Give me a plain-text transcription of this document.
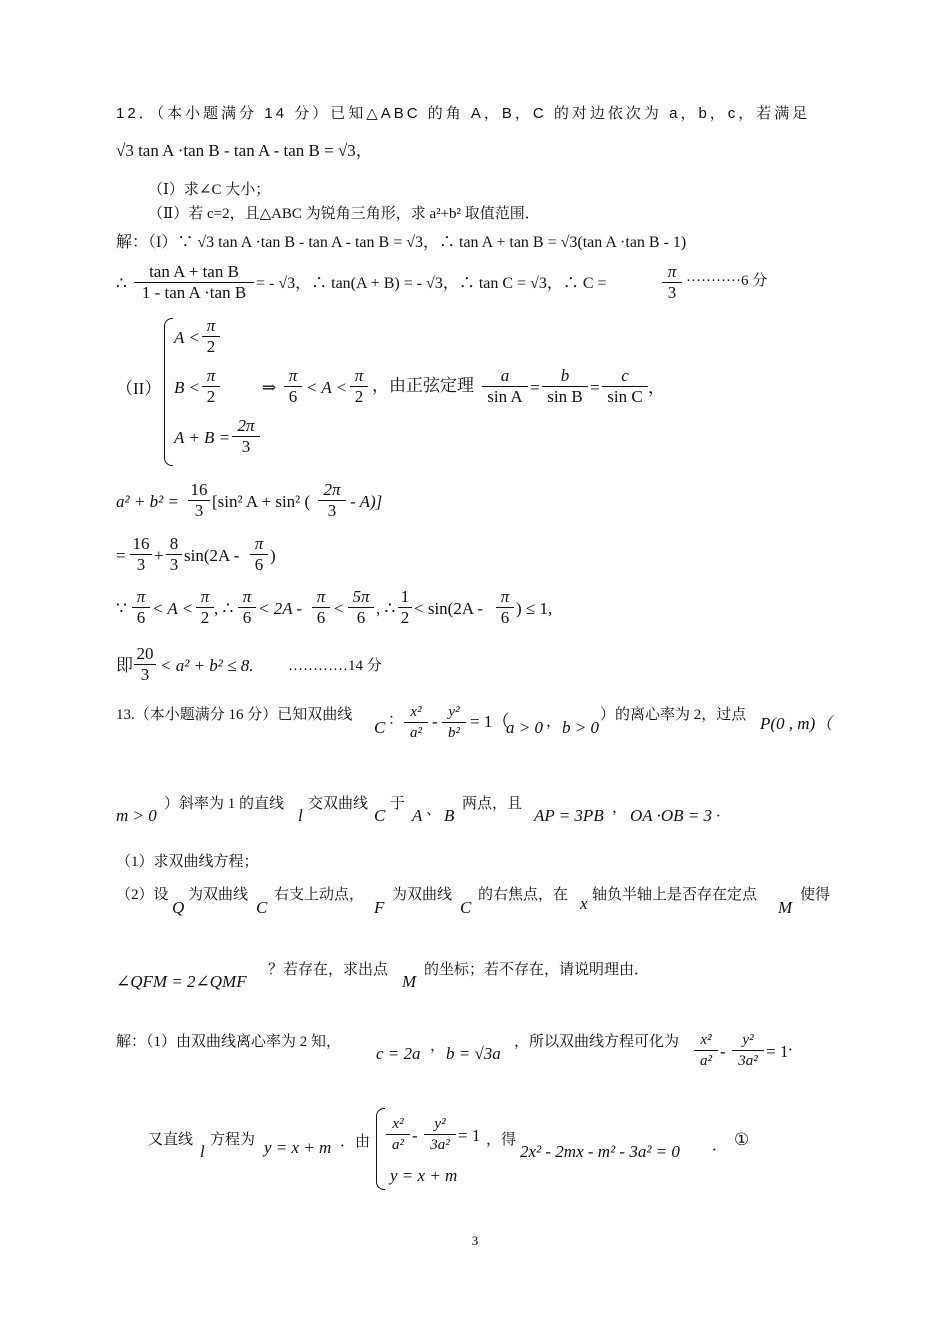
12．（本小题满分 14 分）已知△ABC 的角 A，B，C 的对边依次为 a，b，c，若满足
√3 tan A ·tan B - tan A - tan B = √3，
（Ⅰ）求∠C 大小；
（Ⅱ）若 c=2，且△ABC 为锐角三角形，求 a²+b² 取值范围．
解：（I）∵ √3 tan A ·tan B - tan A - tan B = √3，∴ tan A + tan B = √3(tan A ·tan B - 1)
∴
tan A + tan B
1 - tan A ·tan B = - √3，∴ tan(A + B) = - √3，∴ tan C = √3，∴ C =
π
3
···········6 分
（II）
A <
π
2
B <
π
2
A + B =
2π
3
⇒
π
6 < A <
π
2
，由正弦定理
a
sin A =
b
sin B =
c
sin C ，
a² + b² =
16
3 [sin² A + sin² (
2π
3 - A)]
=
16
3 +
8
3 sin(2A -
π
6 )
∵
π
6 < A <
π
2 , ∴
π
6 < 2A -
π
6 <
5π
6 , ∴
1
2 < sin(2A -
π
6 ) ≤ 1,
即
20
3 < a² + b² ≤ 8. …………14 分
13.（本小题满分 16 分）已知双曲线
C ： x²
a²
- y²
b²
= 1（
a > 0 ， b > 0
）的离心率为 2，过点 P(0 , m)（
m > 0
）斜率为 1 的直线
l
交双曲线
C
于
A 、 B
两点，且
AP = 3PB ， OA ·OB = 3 ．
（1）求双曲线方程；
（2）设
Q
为双曲线
C
右支上动点，
F
为双曲线
C
的右焦点，在 x 轴负半轴上是否存在定点
M
使得
∠QFM = 2∠QMF
？若存在，求出点
M
的坐标；若不存在，请说明理由．
解：（1）由双曲线离心率为 2 知，
c = 2a ， b = √3a
，所以双曲线方程可化为	x²
a² -
y²
3a² = 1 ．
又直线
l
方程为 y = x + m ．由
x²
a² -
y²
3a² = 1
y = x + m
，得
2x² - 2mx - m² - 3a² = 0 ． ①
3
